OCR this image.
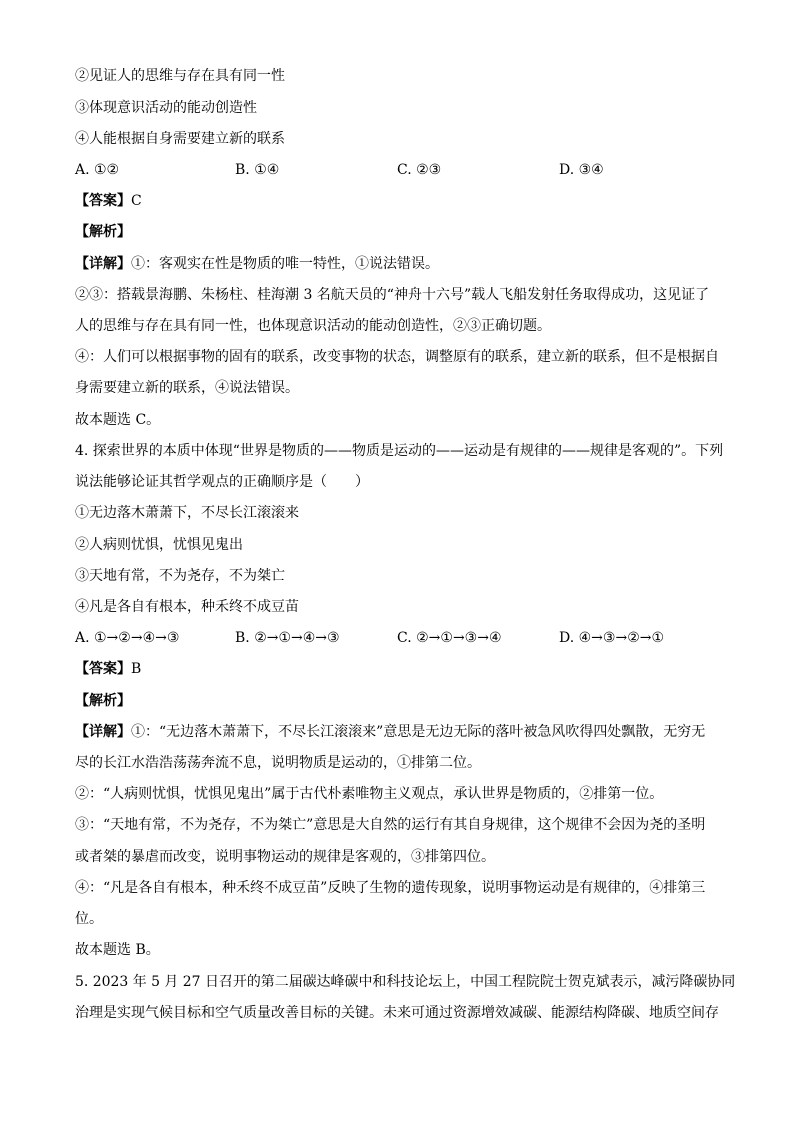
②见证人的思维与存在具有同一性
③体现意识活动的能动创造性
④人能根据自身需要建立新的联系
A. ①②	B. ①④	C. ②③	D. ③④
【答案】C
【解析】
【详解】①：客观实在性是物质的唯一特性，①说法错误。
②③：搭载景海鹏、朱杨柱、桂海潮 3 名航天员的“神舟十六号”载人飞船发射任务取得成功，这见证了
人的思维与存在具有同一性，也体现意识活动的能动创造性，②③正确切题。
④：人们可以根据事物的固有的联系，改变事物的状态，调整原有的联系，建立新的联系，但不是根据自
身需要建立新的联系，④说法错误。
故本题选 C。
4. 探索世界的本质中体现“世界是物质的——物质是运动的——运动是有规律的——规律是客观的”。下列
说法能够论证其哲学观点的正确顺序是（　　）
①无边落木萧萧下，不尽长江滚滚来
②人病则忧惧，忧惧见鬼出
③天地有常，不为尧存，不为桀亡
④凡是各自有根本，种禾终不成豆苗
A. ①→②→④→③	B. ②→①→④→③	C. ②→①→③→④	D. ④→③→②→①
【答案】B
【解析】
【详解】①：“无边落木萧萧下，不尽长江滚滚来”意思是无边无际的落叶被急风吹得四处飘散，无穷无
尽的长江水浩浩荡荡奔流不息，说明物质是运动的，①排第二位。
②：“人病则忧惧，忧惧见鬼出”属于古代朴素唯物主义观点，承认世界是物质的，②排第一位。
③：“天地有常，不为尧存，不为桀亡”意思是大自然的运行有其自身规律，这个规律不会因为尧的圣明
或者桀的暴虐而改变，说明事物运动的规律是客观的，③排第四位。
④：“凡是各自有根本，种禾终不成豆苗”反映了生物的遗传现象，说明事物运动是有规律的，④排第三
位。
故本题选 B。
5. 2023 年 5 月 27 日召开的第二届碳达峰碳中和科技论坛上，中国工程院院士贺克斌表示，减污降碳协同
治理是实现气候目标和空气质量改善目标的关键。未来可通过资源增效减碳、能源结构降碳、地质空间存
